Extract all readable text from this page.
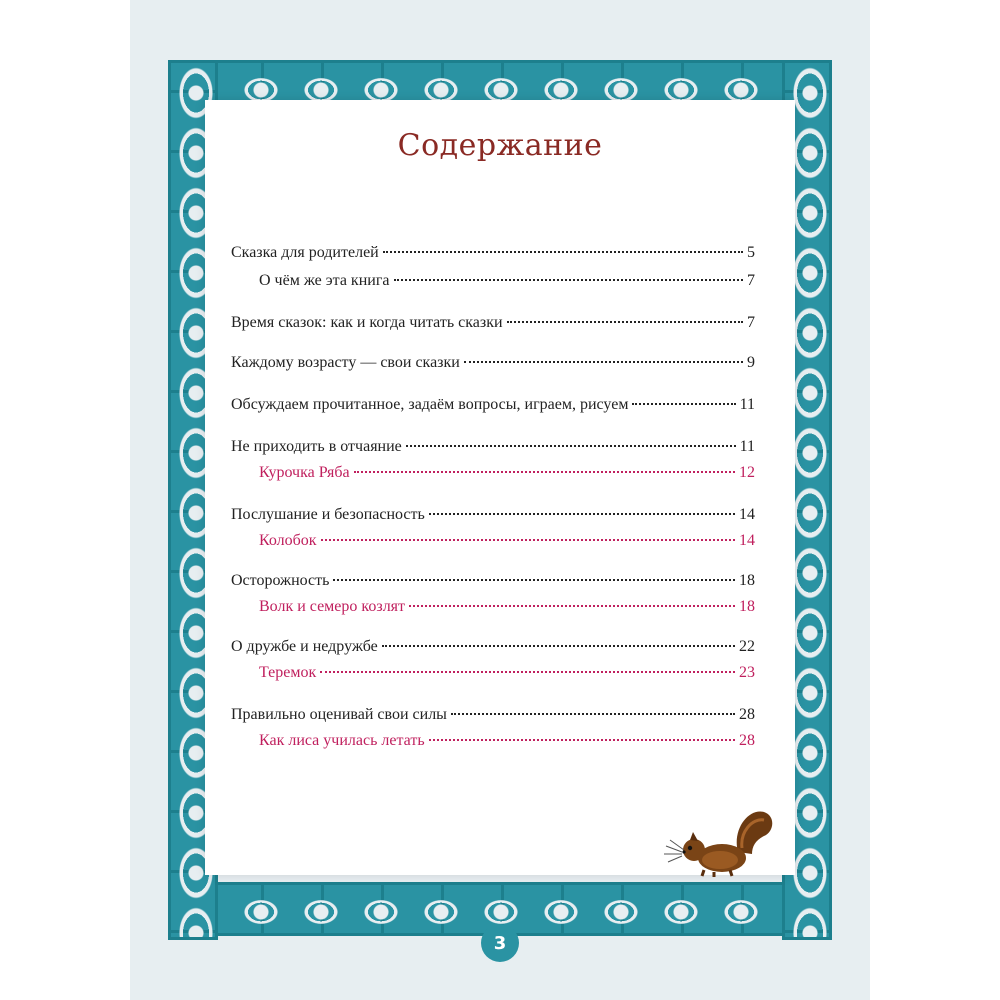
Содержание
Сказка для родителей	5
О чём же эта книга	7
Время сказок: как и когда читать сказки	7
Каждому возрасту — свои сказки	9
Обсуждаем прочитанное, задаём вопросы, играем, рисуем	11
Не приходить в отчаяние	11
Курочка Ряба	12
Послушание и безопасность	14
Колобок	14
Осторожность	18
Волк и семеро козлят	18
О дружбе и недружбе	22
Теремок	23
Правильно оценивай свои силы	28
Как лиса училась летать	28
3
